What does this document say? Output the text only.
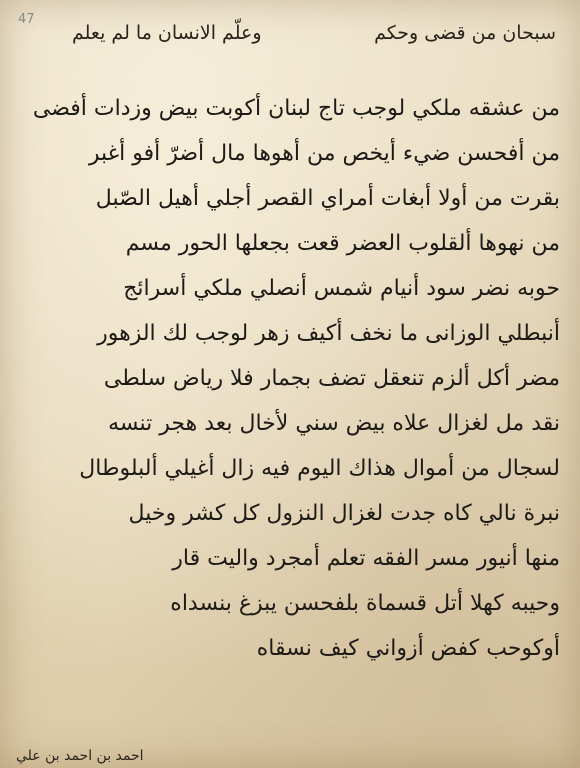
47
سبحان من قضى وحكم
وعلّم الانسان ما لم يعلم
من عشقه ملكي لوجب تاج لبنان أكوبت بيض وزدات أفضى
من أفحسن ضيء أيخص من أهوها مال أضرّ أفو أغبر
بقرت من أولا أبغات أمراي القصر أجلي أهيل الصّبل
من نهوها ألقلوب العضر قعت بجعلها الحور مسم
حوبه نضر سود أنيام شمس أنصلي ملكي أسرائج
أنبطلي الوزانى ما نخف أكيف زهر لوجب لك الزهور
مضر أكل ألزم تنعقل تضف بجمار فلا رياض سلطى
نقد مل لغزال علاه بيض سني لأخال بعد هجر تنسه
لسجال من أموال هذاك اليوم فيه زال أغيلي ألبلوطال
نبرة نالي كاه جدت لغزال النزول كل كشر وخيل
منها أنيور مسر الفقه تعلم أمجرد واليت قار
وحيبه كهلا أتل قسماة بلفحسن يبزغ بنسداه
أوكوحب كفض أزواني كيف نسقاه
احمد بن احمد بن علي
